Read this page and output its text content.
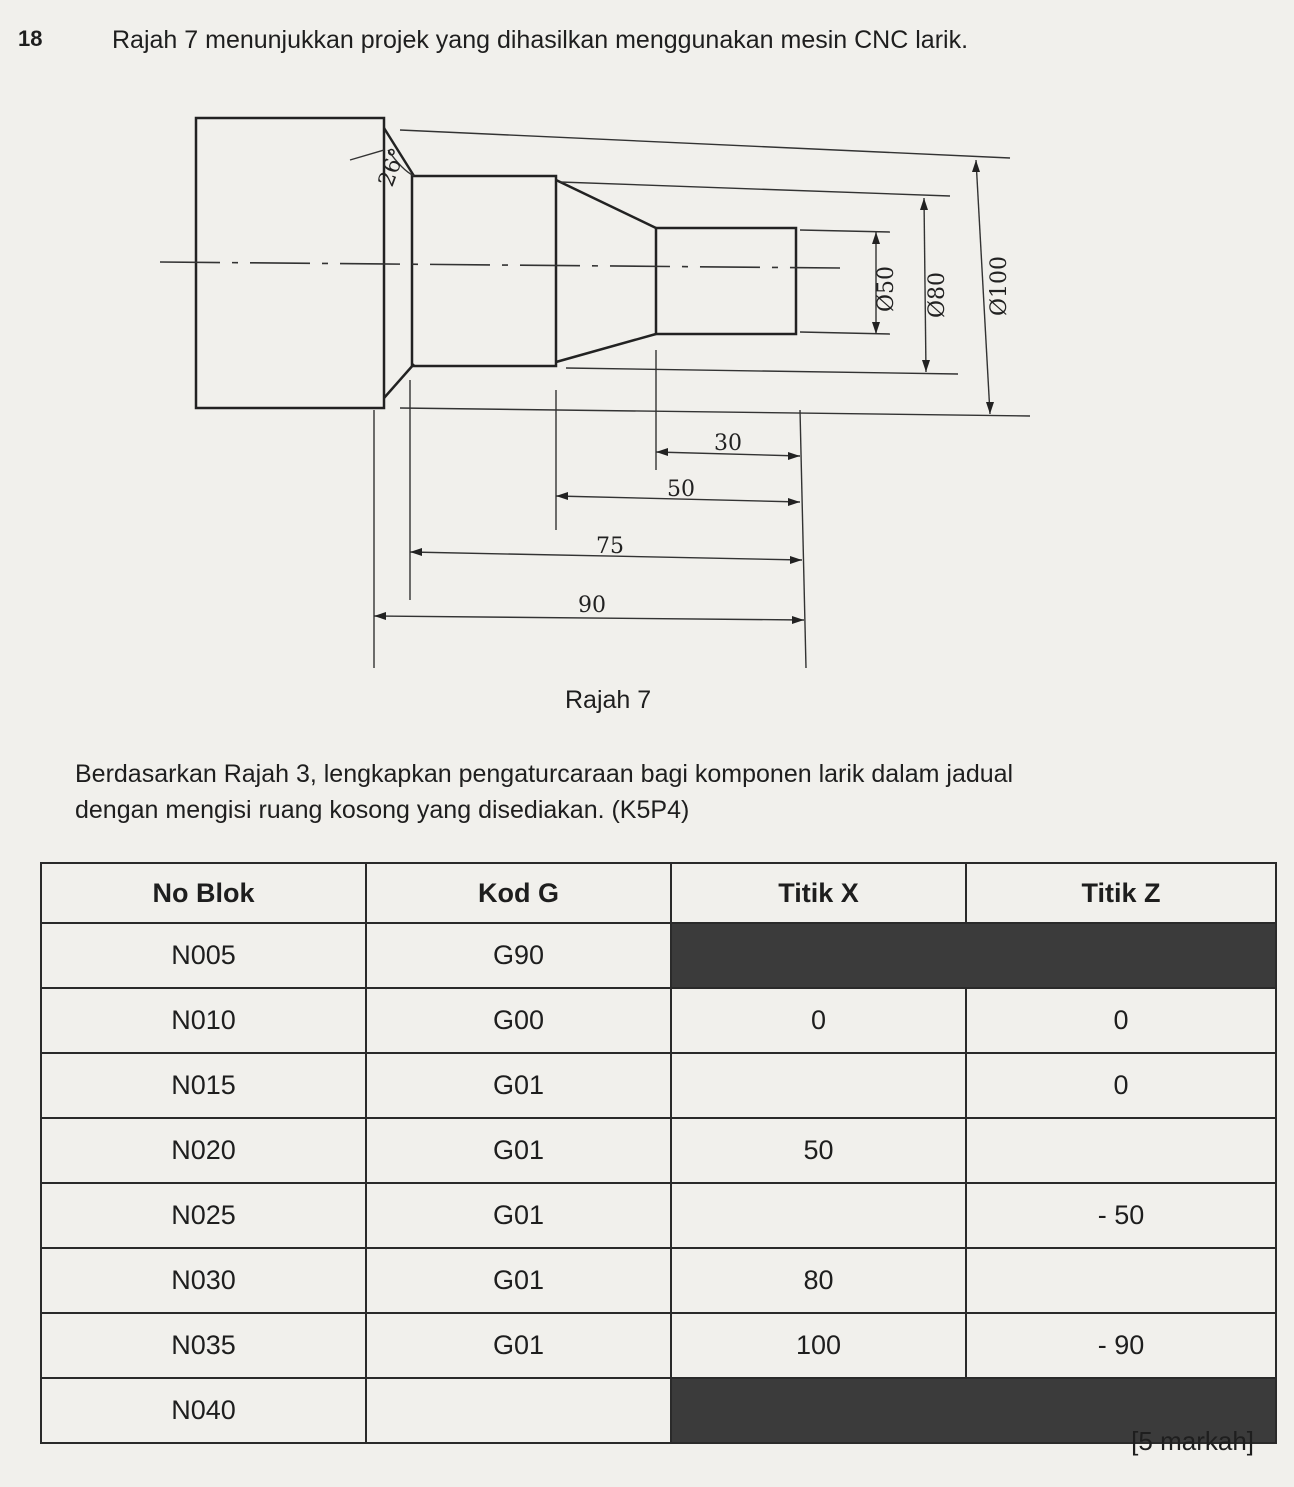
18	Rajah 7 menunjukkan projek yang dihasilkan menggunakan mesin CNC larik.
26°
Ø50 Ø80 Ø100
30
50
75
90
Rajah 7
Berdasarkan Rajah 3, lengkapkan pengaturcaraan bagi komponen larik dalam jadual
dengan mengisi ruang kosong yang disediakan. (K5P4)
No Blok	Kod G	Titik X	Titik Z
N005	G90		
N010	G00	0	0
N015	G01		0
N020	G01	50	
N025	G01		- 50
N030	G01	80	
N035	G01	100	- 90
N040			
[5 markah]
